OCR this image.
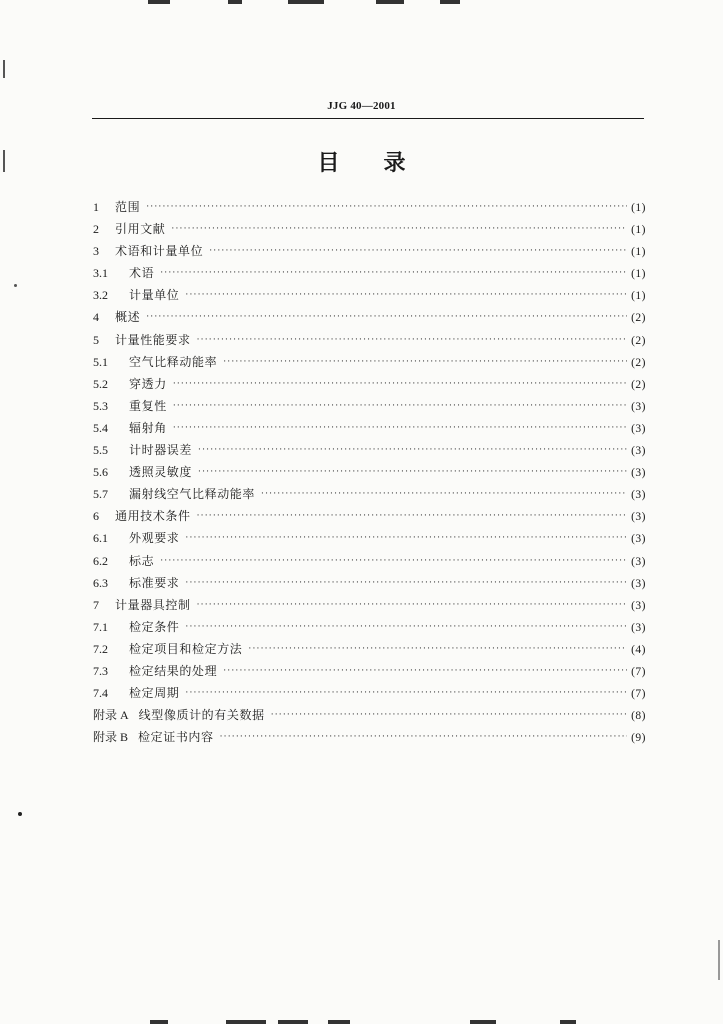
JJG 40—2001
目录
1	范围 ·····	(1)
2	引用文献 ·····	(1)
3	术语和计量单位 ·····	(1)
3.1	术语 ·····	(1)
3.2	计量单位 ·····	(1)
4	概述 ·····	(2)
5	计量性能要求 ·····	(2)
5.1	空气比释动能率 ·····	(2)
5.2	穿透力 ·····	(2)
5.3	重复性 ·····	(3)
5.4	辐射角 ·····	(3)
5.5	计时器误差 ·····	(3)
5.6	透照灵敏度 ·····	(3)
5.7	漏射线空气比释动能率 ·····	(3)
6	通用技术条件 ·····	(3)
6.1	外观要求 ·····	(3)
6.2	标志 ·····	(3)
6.3	标准要求 ·····	(3)
7	计量器具控制 ·····	(3)
7.1	检定条件 ·····	(3)
7.2	检定项目和检定方法 ·····	(4)
7.3	检定结果的处理 ·····	(7)
7.4	检定周期 ·····	(7)
附录 A 线型像质计的有关数据 ·····	(8)
附录 B 检定证书内容 ·····	(9)
